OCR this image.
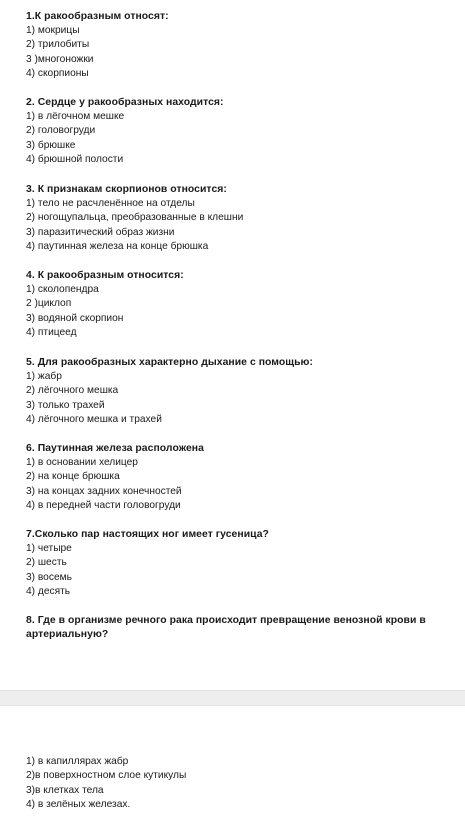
1.К ракообразным относят:
1) мокрицы
2) трилобиты
3 )многоножки
4) скорпионы
2. Сердце у ракообразных находится:
1) в лёгочном мешке
2) головогруди
3) брюшке
4) брюшной полости
3. К признакам скорпионов относится:
1) тело не расчленённое на отделы
2) ногощупальца, преобразованные в клешни
3) паразитический образ жизни
4) паутинная железа на конце брюшка
4. К ракообразным относится:
1) сколопендра
2 )циклоп
3) водяной скорпион
4) птицеед
5. Для ракообразных характерно дыхание с помощью:
1) жабр
2) лёгочного мешка
3) только трахей
4) лёгочного мешка и трахей
6. Паутинная железа расположена
1) в основании хелицер
2) на конце брюшка
3) на концах задних конечностей
4) в передней части головогруди
7.Сколько пар настоящих ног имеет гусеница?
1) четыре
2) шесть
3) восемь
4) десять
8. Где в организме речного рака происходит превращение венозной крови в артериальную?
1) в капиллярах жабр
2)в поверхностном слое кутикулы
3)в клетках тела
4) в зелёных железах.
